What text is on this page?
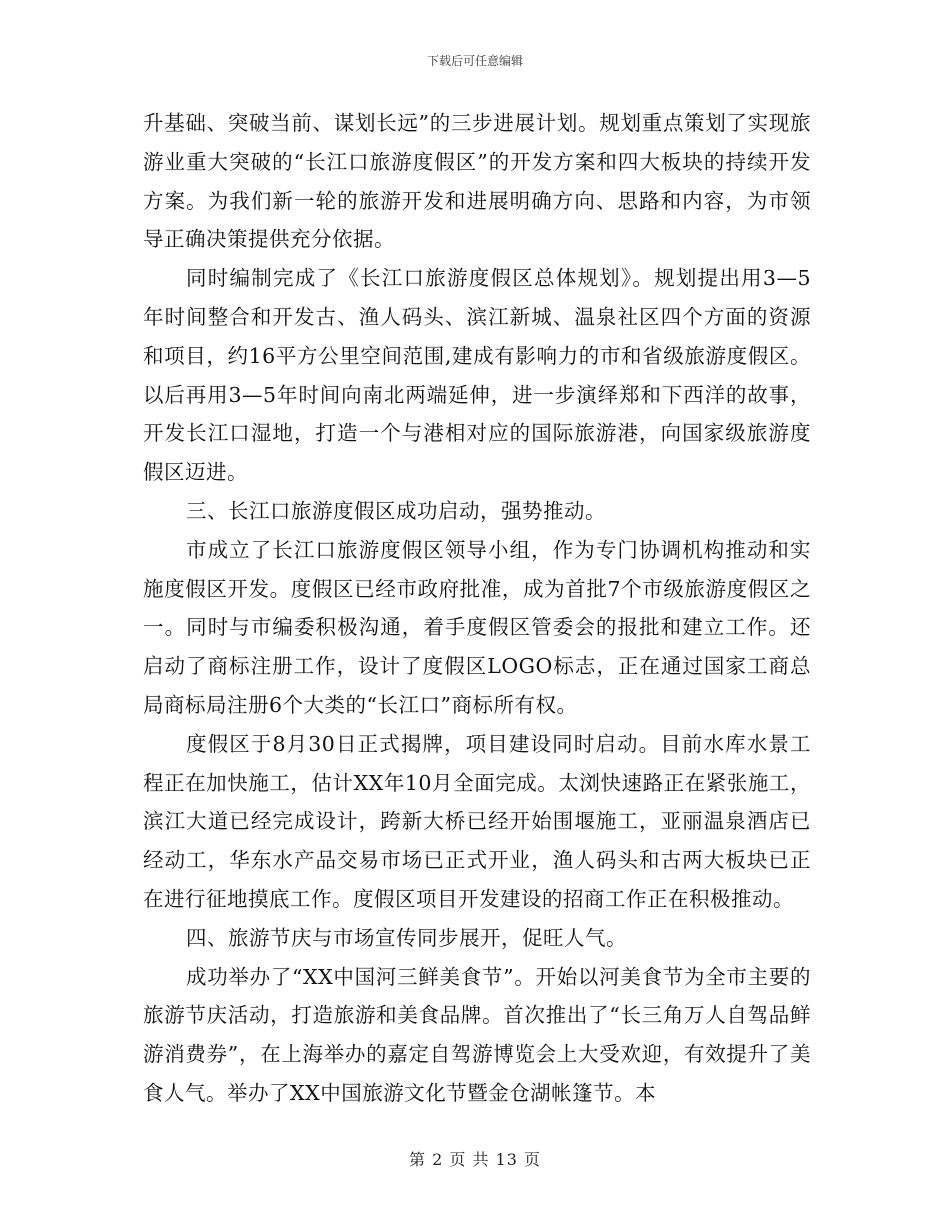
下载后可任意编辑

升基础、突破当前、谋划长远”的三步进展计划。规划重点策划了实现旅游业重大突破的“长江口旅游度假区”的开发方案和四大板块的持续开发方案。为我们新一轮的旅游开发和进展明确方向、思路和内容，为市领导正确决策提供充分依据。

同时编制完成了《长江口旅游度假区总体规划》。规划提出用3—5年时间整合和开发古、渔人码头、滨江新城、温泉社区四个方面的资源和项目，约16平方公里空间范围,建成有影响力的市和省级旅游度假区。以后再用3—5年时间向南北两端延伸，进一步演绎郑和下西洋的故事，开发长江口湿地，打造一个与港相对应的国际旅游港，向国家级旅游度假区迈进。

三、长江口旅游度假区成功启动，强势推动。

市成立了长江口旅游度假区领导小组，作为专门协调机构推动和实施度假区开发。度假区已经市政府批准，成为首批7个市级旅游度假区之一。同时与市编委积极沟通，着手度假区管委会的报批和建立工作。还启动了商标注册工作，设计了度假区LOGO标志，正在通过国家工商总局商标局注册6个大类的“长江口”商标所有权。

度假区于8月30日正式揭牌，项目建设同时启动。目前水库水景工程正在加快施工，估计XX年10月全面完成。太浏快速路正在紧张施工，滨江大道已经完成设计，跨新大桥已经开始围堰施工，亚丽温泉酒店已经动工，华东水产品交易市场已正式开业，渔人码头和古两大板块已正在进行征地摸底工作。度假区项目开发建设的招商工作正在积极推动。

四、旅游节庆与市场宣传同步展开，促旺人气。

成功举办了“XX中国河三鲜美食节”。开始以河美食节为全市主要的旅游节庆活动，打造旅游和美食品牌。首次推出了“长三角万人自驾品鲜游消费券”，在上海举办的嘉定自驾游博览会上大受欢迎，有效提升了美食人气。举办了XX中国旅游文化节暨金仓湖帐篷节。本

第 2 页 共 13 页
